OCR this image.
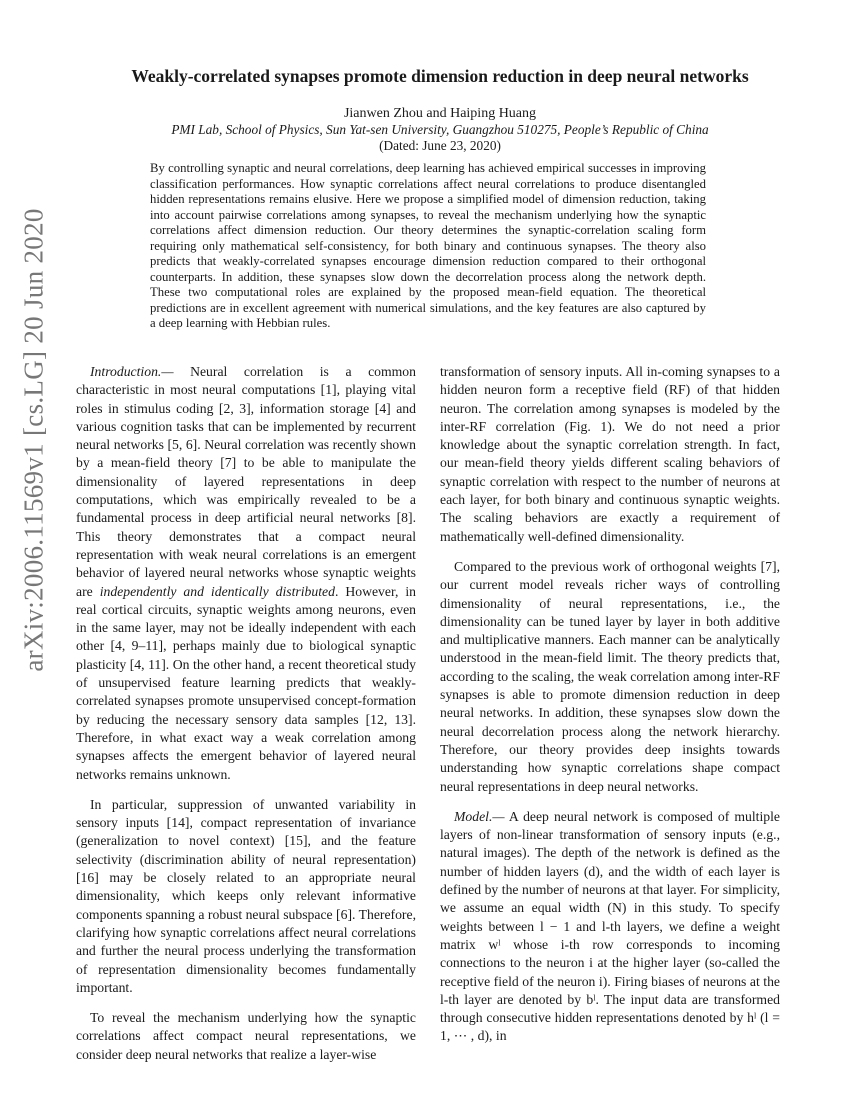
arXiv:2006.11569v1 [cs.LG] 20 Jun 2020
Weakly-correlated synapses promote dimension reduction in deep neural networks
Jianwen Zhou and Haiping Huang
PMI Lab, School of Physics, Sun Yat-sen University, Guangzhou 510275, People’s Republic of China
(Dated: June 23, 2020)

By controlling synaptic and neural correlations, deep learning has achieved empirical successes in improving classification performances. How synaptic correlations affect neural correlations to produce disentangled hidden representations remains elusive. Here we propose a simplified model of dimension reduction, taking into account pairwise correlations among synapses, to reveal the mechanism underlying how the synaptic correlations affect dimension reduction. Our theory determines the synaptic-correlation scaling form requiring only mathematical self-consistency, for both binary and continuous synapses. The theory also predicts that weakly-correlated synapses encourage dimension reduction compared to their orthogonal counterparts. In addition, these synapses slow down the decorrelation process along the network depth. These two computational roles are explained by the proposed mean-field equation. The theoretical predictions are in excellent agreement with numerical simulations, and the key features are also captured by a deep learning with Hebbian rules.

Introduction.— Neural correlation is a common characteristic in most neural computations [1], playing vital roles in stimulus coding [2, 3], information storage [4] and various cognition tasks that can be implemented by recurrent neural networks [5, 6]. Neural correlation was recently shown by a mean-field theory [7] to be able to manipulate the dimensionality of layered representations in deep computations, which was empirically revealed to be a fundamental process in deep artificial neural networks [8]. This theory demonstrates that a compact neural representation with weak neural correlations is an emergent behavior of layered neural networks whose synaptic weights are independently and identically distributed. However, in real cortical circuits, synaptic weights among neurons, even in the same layer, may not be ideally independent with each other [4, 9–11], perhaps mainly due to biological synaptic plasticity [4, 11]. On the other hand, a recent theoretical study of unsupervised feature learning predicts that weakly-correlated synapses promote unsupervised concept-formation by reducing the necessary sensory data samples [12, 13]. Therefore, in what exact way a weak correlation among synapses affects the emergent behavior of layered neural networks remains unknown.

In particular, suppression of unwanted variability in sensory inputs [14], compact representation of invariance (generalization to novel context) [15], and the feature selectivity (discrimination ability of neural representation) [16] may be closely related to an appropriate neural dimensionality, which keeps only relevant informative components spanning a robust neural subspace [6]. Therefore, clarifying how synaptic correlations affect neural correlations and further the neural process underlying the transformation of representation dimensionality becomes fundamentally important.

To reveal the mechanism underlying how the synaptic correlations affect compact neural representations, we consider deep neural networks that realize a layer-wise

transformation of sensory inputs. All in-coming synapses to a hidden neuron form a receptive field (RF) of that hidden neuron. The correlation among synapses is modeled by the inter-RF correlation (Fig. 1). We do not need a prior knowledge about the synaptic correlation strength. In fact, our mean-field theory yields different scaling behaviors of synaptic correlation with respect to the number of neurons at each layer, for both binary and continuous synaptic weights. The scaling behaviors are exactly a requirement of mathematically well-defined dimensionality.

Compared to the previous work of orthogonal weights [7], our current model reveals richer ways of controlling dimensionality of neural representations, i.e., the dimensionality can be tuned layer by layer in both additive and multiplicative manners. Each manner can be analytically understood in the mean-field limit. The theory predicts that, according to the scaling, the weak correlation among inter-RF synapses is able to promote dimension reduction in deep neural networks. In addition, these synapses slow down the neural decorrelation process along the network hierarchy. Therefore, our theory provides deep insights towards understanding how synaptic correlations shape compact neural representations in deep neural networks.

Model.— A deep neural network is composed of multiple layers of non-linear transformation of sensory inputs (e.g., natural images). The depth of the network is defined as the number of hidden layers (d), and the width of each layer is defined by the number of neurons at that layer. For simplicity, we assume an equal width (N) in this study. To specify weights between l − 1 and l-th layers, we define a weight matrix wˡ whose i-th row corresponds to incoming connections to the neuron i at the higher layer (so-called the receptive field of the neuron i). Firing biases of neurons at the l-th layer are denoted by bˡ. The input data are transformed through consecutive hidden representations denoted by hˡ (l = 1, ⋯ , d), in
